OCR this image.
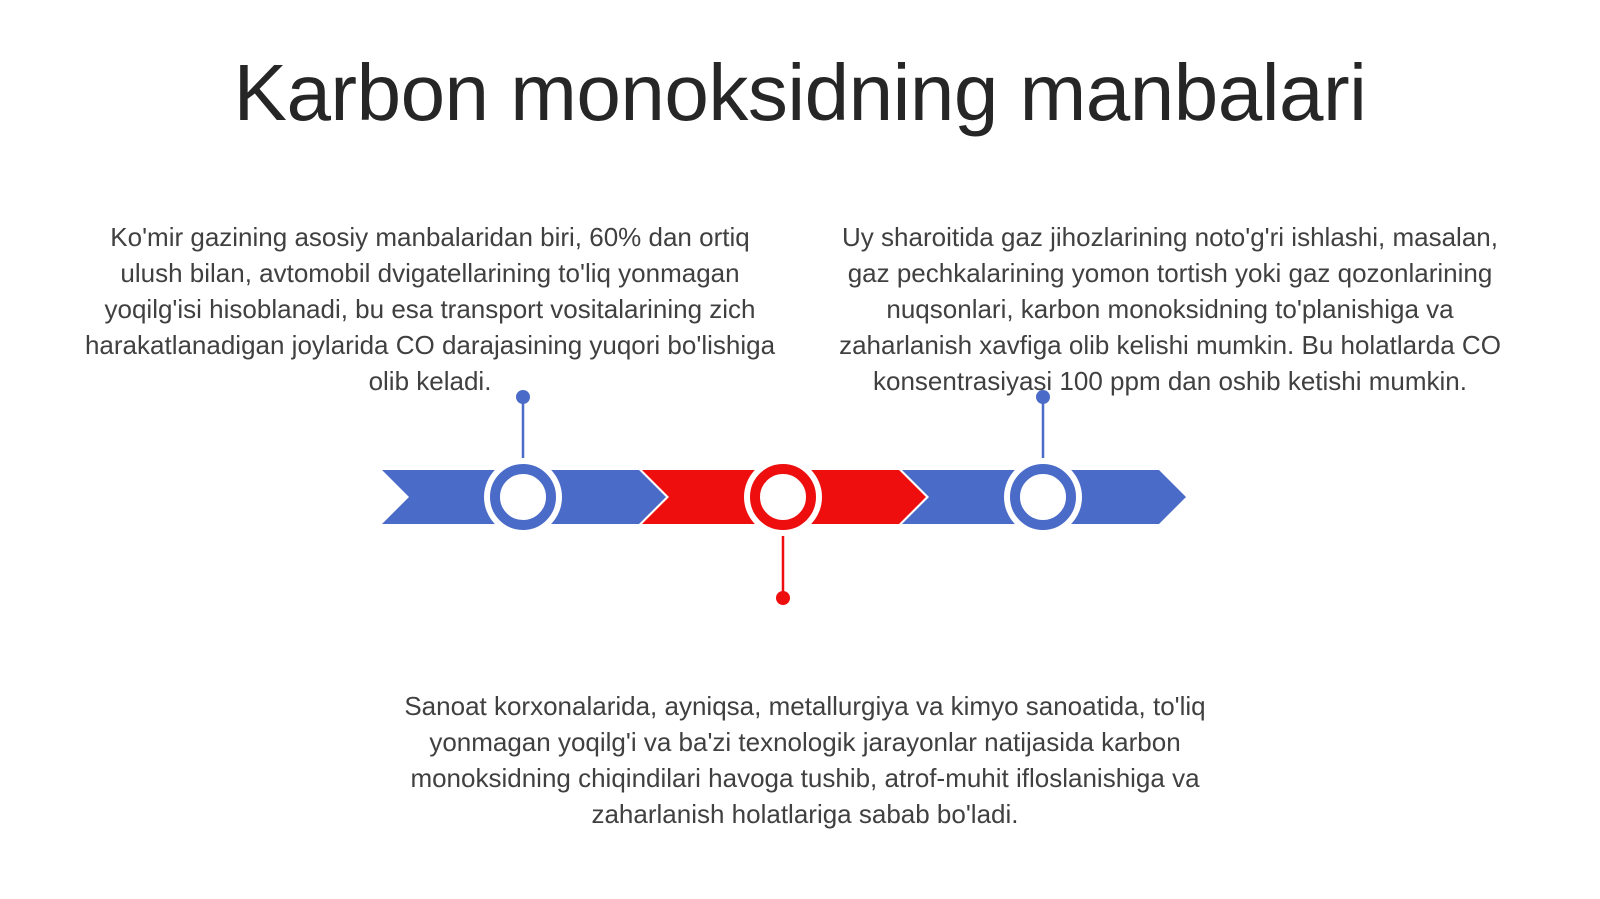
Karbon monoksidning manbalari

Ko'mir gazining asosiy manbalaridan biri, 60% dan ortiq ulush bilan, avtomobil dvigatellarining to'liq yonmagan yoqilg'isi hisoblanadi, bu esa transport vositalarining zich harakatlanadigan joylarida CO darajasining yuqori bo'lishiga olib keladi.

Uy sharoitida gaz jihozlarining noto'g'ri ishlashi, masalan, gaz pechkalarining yomon tortish yoki gaz qozonlarining nuqsonlari, karbon monoksidning to'planishiga va zaharlanish xavfiga olib kelishi mumkin. Bu holatlarda CO konsentrasiyasi 100 ppm dan oshib ketishi mumkin.

Sanoat korxonalarida, ayniqsa, metallurgiya va kimyo sanoatida, to'liq yonmagan yoqilg'i va ba'zi texnologik jarayonlar natijasida karbon monoksidning chiqindilari havoga tushib, atrof-muhit ifloslanishiga va zaharlanish holatlariga sabab bo'ladi.
